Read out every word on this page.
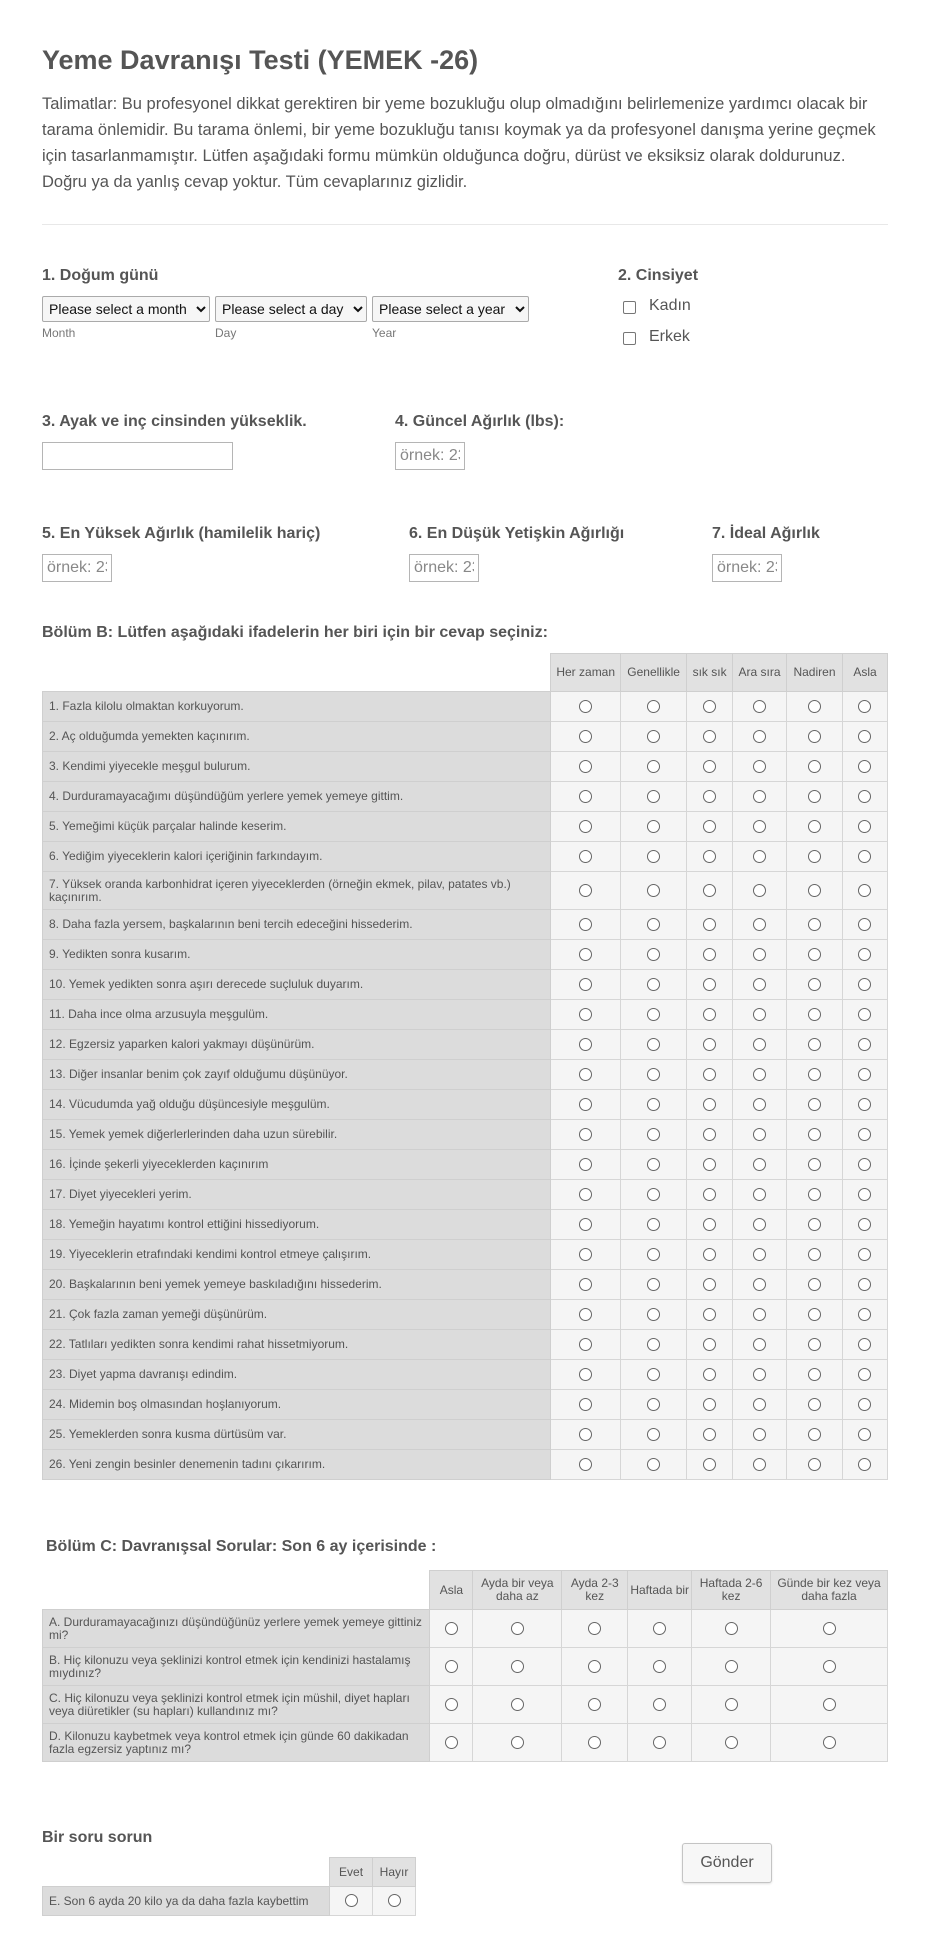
Yeme Davranışı Testi (YEMEK -26)

Talimatlar: Bu profesyonel dikkat gerektiren bir yeme bozukluğu olup olmadığını belirlemenize yardımcı olacak bir tarama önlemidir. Bu tarama önlemi, bir yeme bozukluğu tanısı koymak ya da profesyonel danışma yerine geçmek için tasarlanmamıştır. Lütfen aşağıdaki formu mümkün olduğunca doğru, dürüst ve eksiksiz olarak doldurunuz. Doğru ya da yanlış cevap yoktur. Tüm cevaplarınız gizlidir.

1. Doğum günü
Please select a month
Please select a day
Please select a year
Month	Day	Year
2. Cinsiyet
Kadın
Erkek
3. Ayak ve inç cinsinden yükseklik.	4. Güncel Ağırlık (lbs):
örnek: 23
5. En Yüksek Ağırlık (hamilelik hariç)
örnek: 23	6. En Düşük Yetişkin Ağırlığı
örnek: 23	7. İdeal Ağırlık
örnek: 23
Bölüm B: Lütfen aşağıdaki ifadelerin her biri için bir cevap seçiniz:
	Her zaman	Genellikle	sık sık	Ara sıra	Nadiren	Asla
1. Fazla kilolu olmaktan korkuyorum.						
2. Aç olduğumda yemekten kaçınırım.						
3. Kendimi yiyecekle meşgul bulurum.						
4. Durduramayacağımı düşündüğüm yerlere yemek yemeye gittim.						
5. Yemeğimi küçük parçalar halinde keserim.						
6. Yediğim yiyeceklerin kalori içeriğinin farkındayım.						
7. Yüksek oranda karbonhidrat içeren yiyeceklerden (örneğin ekmek, pilav, patates vb.) kaçınırım.						
8. Daha fazla yersem, başkalarının beni tercih edeceğini hissederim.						
9. Yedikten sonra kusarım.						
10. Yemek yedikten sonra aşırı derecede suçluluk duyarım.						
11. Daha ince olma arzusuyla meşgulüm.						
12. Egzersiz yaparken kalori yakmayı düşünürüm.						
13. Diğer insanlar benim çok zayıf olduğumu düşünüyor.						
14. Vücudumda yağ olduğu düşüncesiyle meşgulüm.						
15. Yemek yemek diğerlerlerinden daha uzun sürebilir.						
16. İçinde şekerli yiyeceklerden kaçınırım						
17. Diyet yiyecekleri yerim.						
18. Yemeğin hayatımı kontrol ettiğini hissediyorum.						
19. Yiyeceklerin etrafındaki kendimi kontrol etmeye çalışırım.						
20. Başkalarının beni yemek yemeye baskıladığını hissederim.						
21. Çok fazla zaman yemeği düşünürüm.						
22. Tatlıları yedikten sonra kendimi rahat hissetmiyorum.						
23. Diyet yapma davranışı edindim.						
24. Midemin boş olmasından hoşlanıyorum.						
25. Yemeklerden sonra kusma dürtüsüm var.						
26. Yeni zengin besinler denemenin tadını çıkarırım.						
Bölüm C: Davranışsal Sorular: Son 6 ay içerisinde :
	Asla	Ayda bir veya daha az	Ayda 2-3 kez	Haftada bir	Haftada 2-6 kez	Günde bir kez veya daha fazla
A. Durduramayacağınızı düşündüğünüz yerlere yemek yemeye gittiniz mi?						
B. Hiç kilonuzu veya şeklinizi kontrol etmek için kendinizi hastalamış mıydınız?						
C. Hiç kilonuzu veya şeklinizi kontrol etmek için müshil, diyet hapları veya diüretikler (su hapları) kullandınız mı?						
D. Kilonuzu kaybetmek veya kontrol etmek için günde 60 dakikadan fazla egzersiz yaptınız mı?						
Bir soru sorun
	Evet	Hayır
E. Son 6 ayda 20 kilo ya da daha fazla kaybettim		
Gönder
